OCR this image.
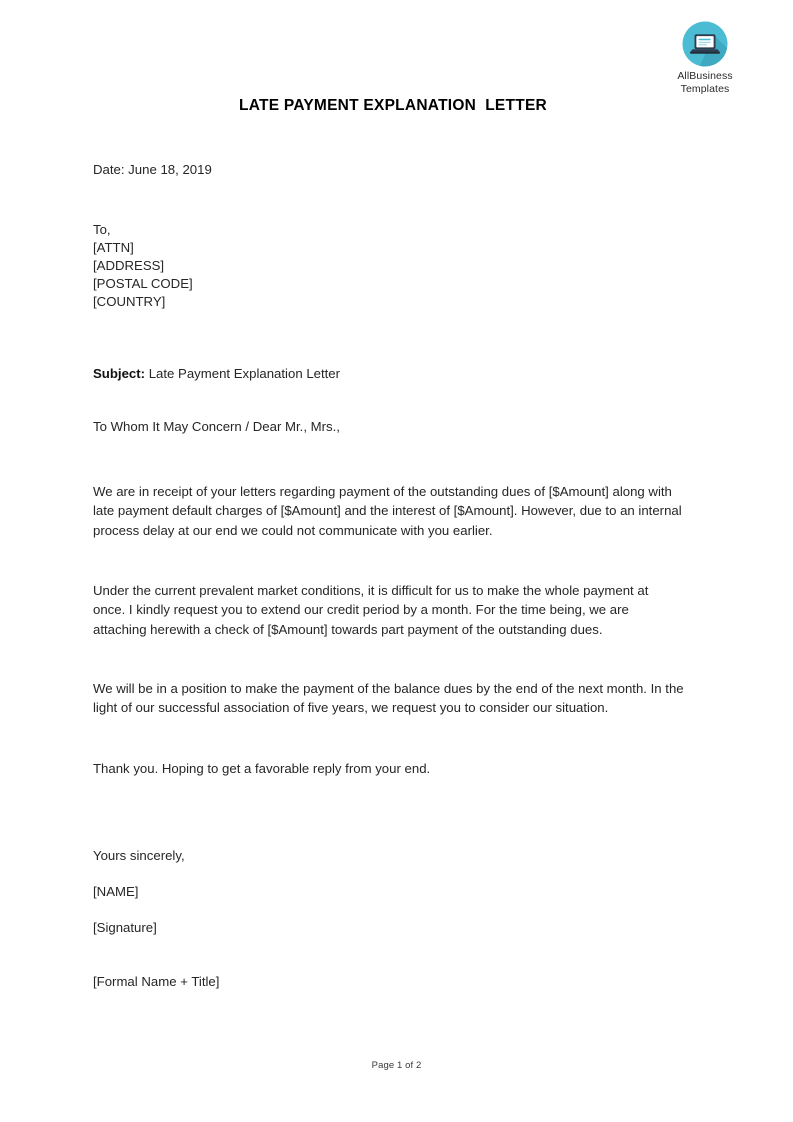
AllBusiness
Templates
LATE PAYMENT EXPLANATION  LETTER
Date: June 18, 2019
To,
[ATTN]
[ADDRESS]
[POSTAL CODE]
[COUNTRY]
Subject: Late Payment Explanation Letter
To Whom It May Concern / Dear Mr., Mrs.,

We are in receipt of your letters regarding payment of the outstanding dues of [$Amount] along with late payment default charges of [$Amount] and the interest of [$Amount]. However, due to an internal process delay at our end we could not communicate with you earlier.

Under the current prevalent market conditions, it is difficult for us to make the whole payment at once. I kindly request you to extend our credit period by a month. For the time being, we are attaching herewith a check of [$Amount] towards part payment of the outstanding dues.

We will be in a position to make the payment of the balance dues by the end of the next month. In the light of our successful association of five years, we request you to consider our situation.

Thank you. Hoping to get a favorable reply from your end.

Yours sincerely,
[NAME]
[Signature]
[Formal Name + Title]
Page 1 of 2
